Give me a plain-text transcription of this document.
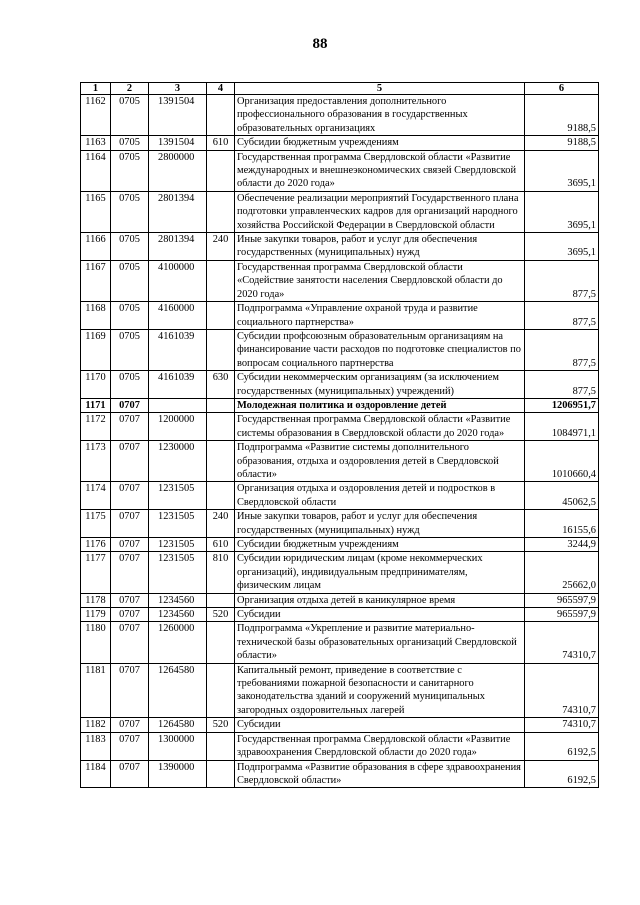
88
1	2	3	4	5	6
1162	0705	1391504		Организация предоставления дополнительного профессионального образования в государственных образовательных организациях	9188,5
1163	0705	1391504	610	Субсидии бюджетным учреждениям	9188,5
1164	0705	2800000		Государственная программа Свердловской области «Развитие международных и внешнеэкономических связей Свердловской области до 2020 года»	3695,1
1165	0705	2801394		Обеспечение реализации мероприятий Государственного плана подготовки управленческих кадров для организаций народного хозяйства Российской Федерации в Свердловской области	3695,1
1166	0705	2801394	240	Иные закупки товаров, работ и услуг для обеспечения государственных (муниципальных) нужд	3695,1
1167	0705	4100000		Государственная программа Свердловской области «Содействие занятости населения Свердловской области до 2020 года»	877,5
1168	0705	4160000		Подпрограмма «Управление охраной труда и развитие социального партнерства»	877,5
1169	0705	4161039		Субсидии профсоюзным образовательным организациям на финансирование части расходов по подготовке специалистов по вопросам социального партнерства	877,5
1170	0705	4161039	630	Субсидии некоммерческим организациям (за исключением государственных (муниципальных) учреждений)	877,5
1171	0707			Молодежная политика и оздоровление детей	1206951,7
1172	0707	1200000		Государственная программа Свердловской области «Развитие системы образования в Свердловской области до 2020 года»	1084971,1
1173	0707	1230000		Подпрограмма «Развитие системы дополнительного образования, отдыха и оздоровления детей в Свердловской области»	1010660,4
1174	0707	1231505		Организация отдыха и оздоровления детей и подростков в Свердловской области	45062,5
1175	0707	1231505	240	Иные закупки товаров, работ и услуг для обеспечения государственных (муниципальных) нужд	16155,6
1176	0707	1231505	610	Субсидии бюджетным учреждениям	3244,9
1177	0707	1231505	810	Субсидии юридическим лицам (кроме некоммерческих организаций), индивидуальным предпринимателям, физическим лицам	25662,0
1178	0707	1234560		Организация отдыха детей в каникулярное время	965597,9
1179	0707	1234560	520	Субсидии	965597,9
1180	0707	1260000		Подпрограмма «Укрепление и развитие материально-технической базы образовательных организаций Свердловской области»	74310,7
1181	0707	1264580		Капитальный ремонт, приведение в соответствие с требованиями пожарной безопасности и санитарного законодательства зданий и сооружений муниципальных загородных оздоровительных лагерей	74310,7
1182	0707	1264580	520	Субсидии	74310,7
1183	0707	1300000		Государственная программа Свердловской области «Развитие здравоохранения Свердловской области до 2020 года»	6192,5
1184	0707	1390000		Подпрограмма «Развитие образования в сфере здравоохранения Свердловской области»	6192,5
